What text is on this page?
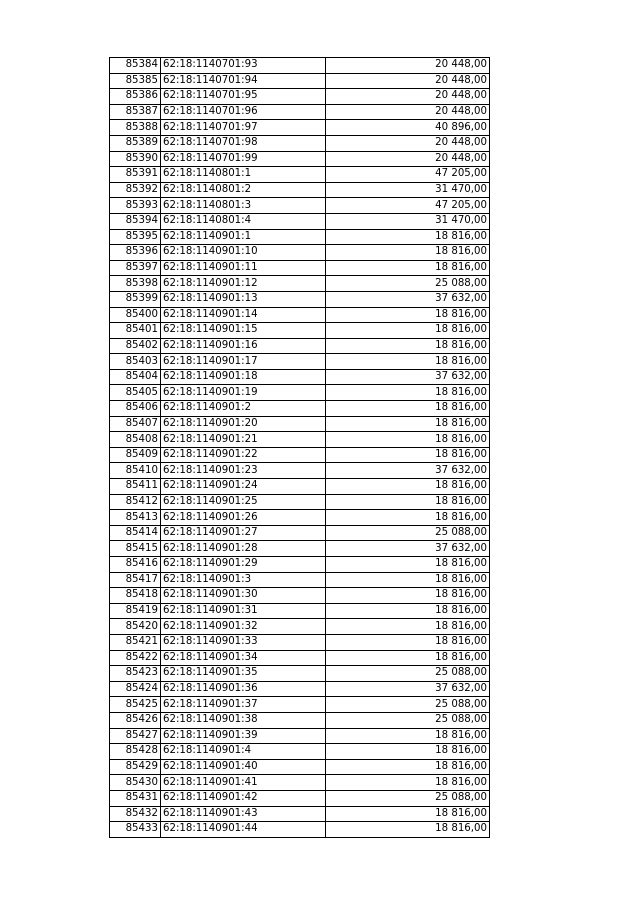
85384	62:18:1140701:93	20 448,00
85385	62:18:1140701:94	20 448,00
85386	62:18:1140701:95	20 448,00
85387	62:18:1140701:96	20 448,00
85388	62:18:1140701:97	40 896,00
85389	62:18:1140701:98	20 448,00
85390	62:18:1140701:99	20 448,00
85391	62:18:1140801:1	47 205,00
85392	62:18:1140801:2	31 470,00
85393	62:18:1140801:3	47 205,00
85394	62:18:1140801:4	31 470,00
85395	62:18:1140901:1	18 816,00
85396	62:18:1140901:10	18 816,00
85397	62:18:1140901:11	18 816,00
85398	62:18:1140901:12	25 088,00
85399	62:18:1140901:13	37 632,00
85400	62:18:1140901:14	18 816,00
85401	62:18:1140901:15	18 816,00
85402	62:18:1140901:16	18 816,00
85403	62:18:1140901:17	18 816,00
85404	62:18:1140901:18	37 632,00
85405	62:18:1140901:19	18 816,00
85406	62:18:1140901:2	18 816,00
85407	62:18:1140901:20	18 816,00
85408	62:18:1140901:21	18 816,00
85409	62:18:1140901:22	18 816,00
85410	62:18:1140901:23	37 632,00
85411	62:18:1140901:24	18 816,00
85412	62:18:1140901:25	18 816,00
85413	62:18:1140901:26	18 816,00
85414	62:18:1140901:27	25 088,00
85415	62:18:1140901:28	37 632,00
85416	62:18:1140901:29	18 816,00
85417	62:18:1140901:3	18 816,00
85418	62:18:1140901:30	18 816,00
85419	62:18:1140901:31	18 816,00
85420	62:18:1140901:32	18 816,00
85421	62:18:1140901:33	18 816,00
85422	62:18:1140901:34	18 816,00
85423	62:18:1140901:35	25 088,00
85424	62:18:1140901:36	37 632,00
85425	62:18:1140901:37	25 088,00
85426	62:18:1140901:38	25 088,00
85427	62:18:1140901:39	18 816,00
85428	62:18:1140901:4	18 816,00
85429	62:18:1140901:40	18 816,00
85430	62:18:1140901:41	18 816,00
85431	62:18:1140901:42	25 088,00
85432	62:18:1140901:43	18 816,00
85433	62:18:1140901:44	18 816,00
